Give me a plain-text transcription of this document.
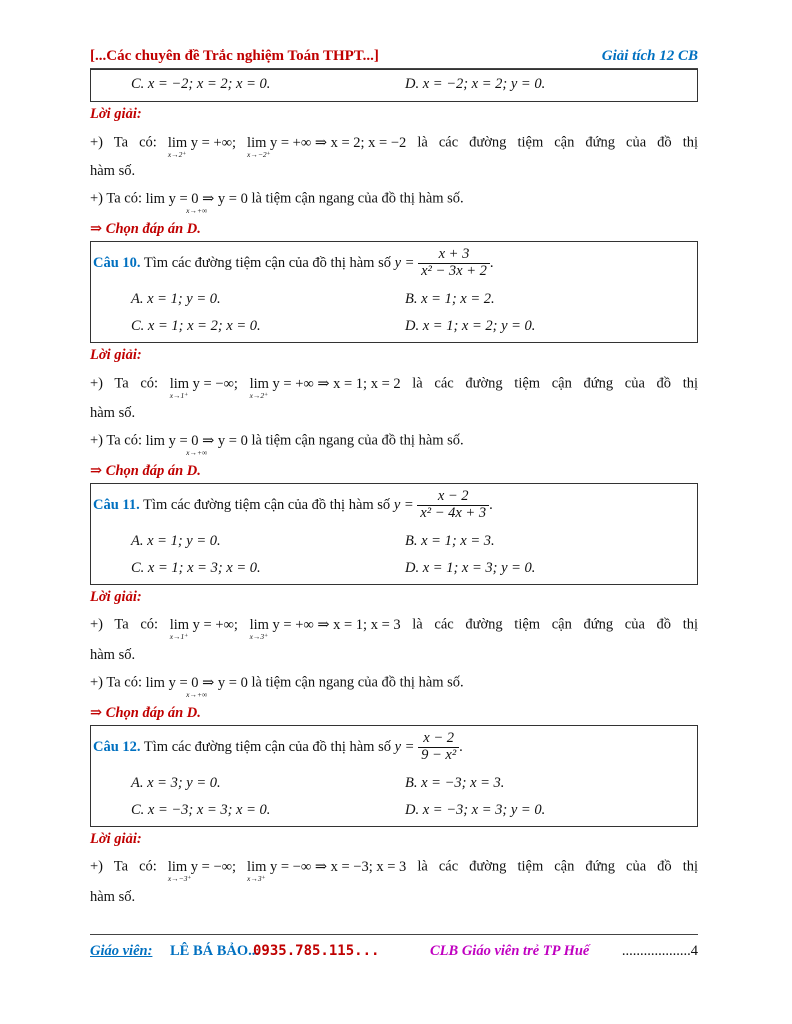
[...Các chuyên đề Trắc nghiệm Toán THPT...]	Giải tích 12 CB
C. x = −2; x = 2; x = 0.	D. x = −2; x = 2; y = 0.
Lời giải:
+) Ta có: lim y = +∞;
x→2⁺

lim y = +∞ ⇒ x = 2; x = −2
x→−2⁺
là các đường tiệm cận đứng của đồ thị
hàm số.
+) Ta có: lim y = 0 ⇒ y = 0
x→+∞
là tiệm cận ngang của đồ thị hàm số.
⇒ Chọn đáp án D.
Câu 10. Tìm các đường tiệm cận của đồ thị hàm số $y = \frac{x + 3}{\text{x² − 3x + 2}}$ .
A. x = 1; y = 0.	B. x = 1; x = 2.
C. x = 1; x = 2; x = 0.	D. x = 1; x = 2; y = 0.
Lời giải:
+) Ta có: lim y = −∞;
x→1⁺

lim y = +∞ ⇒ x = 1; x = 2
x→2⁺
là các đường tiệm cận đứng của đồ thị
hàm số.
+) Ta có: lim y = 0 ⇒ y = 0
x→+∞
là tiệm cận ngang của đồ thị hàm số.
⇒ Chọn đáp án D.
Câu 11. Tìm các đường tiệm cận của đồ thị hàm số $y = \frac{x - 2}{\text{x² − 4x + 3}}$ .
A. x = 1; y = 0.	B. x = 1; x = 3.
C. x = 1; x = 3; x = 0.	D. x = 1; x = 3; y = 0.
Lời giải:
+) Ta có: lim y = +∞;
x→1⁺

lim y = +∞ ⇒ x = 1; x = 3
x→3⁺
là các đường tiệm cận đứng của đồ thị
hàm số.
+) Ta có: lim y = 0 ⇒ y = 0
x→+∞
là tiệm cận ngang của đồ thị hàm số.
⇒ Chọn đáp án D.
Câu 12. Tìm các đường tiệm cận của đồ thị hàm số $y = \frac{x - 2}{\text{9 − x²}}$ .
A. x = 3; y = 0.	B. x = −3; x = 3.
C. x = −3; x = 3; x = 0.	D. x = −3; x = 3; y = 0.
Lời giải:
+) Ta có: lim y = −∞;
x→−3⁺

lim y = −∞ ⇒ x = −3; x = 3
x→3⁺
là các đường tiệm cận đứng của đồ thị
hàm số.
Giáo viên: LÊ BÁ BẢO...
0935.785.115...	CLB Giáo viên trẻ TP Huế ...................4
